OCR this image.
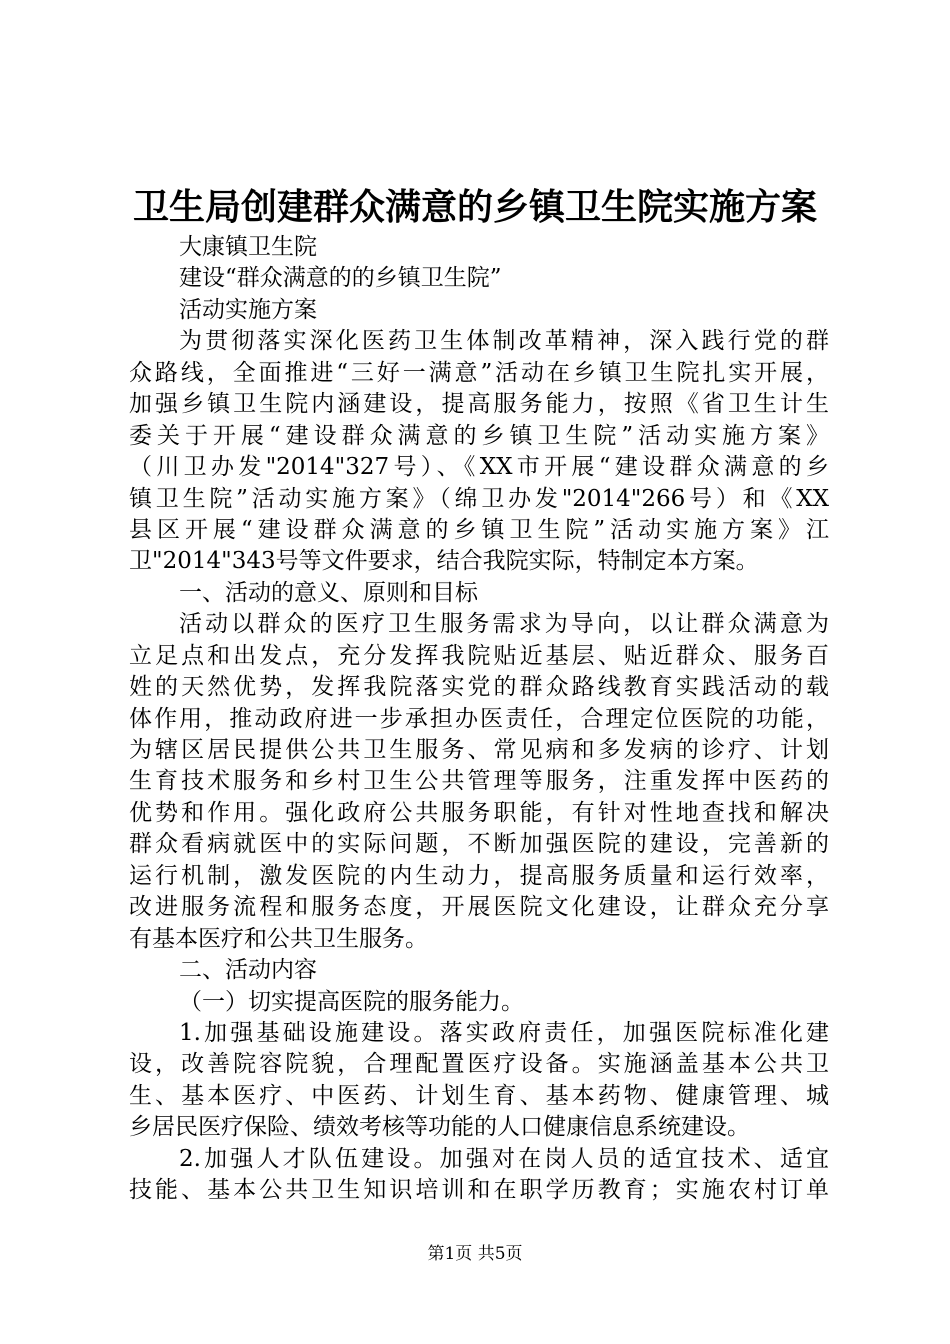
卫生局创建群众满意的乡镇卫生院实施方案
大康镇卫生院
建设“群众满意的的乡镇卫生院”
活动实施方案
为贯彻落实深化医药卫生体制改革精神，深入践行党的群
众路线，全面推进“三好一满意”活动在乡镇卫生院扎实开展，
加强乡镇卫生院内涵建设，提高服务能力，按照《省卫生计生
委关于开展“建设群众满意的乡镇卫生院”活动实施方案》
（川卫办发"2014"327号）、《XX市开展“建设群众满意的乡
镇卫生院”活动实施方案》（绵卫办发"2014"266号）和《XX
县区开展“建设群众满意的乡镇卫生院”活动实施方案》江
卫"2014"343号等文件要求，结合我院实际，特制定本方案。
一、活动的意义、原则和目标
活动以群众的医疗卫生服务需求为导向，以让群众满意为
立足点和出发点，充分发挥我院贴近基层、贴近群众、服务百
姓的天然优势，发挥我院落实党的群众路线教育实践活动的载
体作用，推动政府进一步承担办医责任，合理定位医院的功能，
为辖区居民提供公共卫生服务、常见病和多发病的诊疗、计划
生育技术服务和乡村卫生公共管理等服务，注重发挥中医药的
优势和作用。强化政府公共服务职能，有针对性地查找和解决
群众看病就医中的实际问题，不断加强医院的建设，完善新的
运行机制，激发医院的内生动力，提高服务质量和运行效率，
改进服务流程和服务态度，开展医院文化建设，让群众充分享
有基本医疗和公共卫生服务。
二、活动内容
（一）切实提高医院的服务能力。
1.加强基础设施建设。落实政府责任，加强医院标准化建
设，改善院容院貌，合理配置医疗设备。实施涵盖基本公共卫
生、基本医疗、中医药、计划生育、基本药物、健康管理、城
乡居民医疗保险、绩效考核等功能的人口健康信息系统建设。
2.加强人才队伍建设。加强对在岗人员的适宜技术、适宜
技能、基本公共卫生知识培训和在职学历教育；实施农村订单
第1页 共5页
